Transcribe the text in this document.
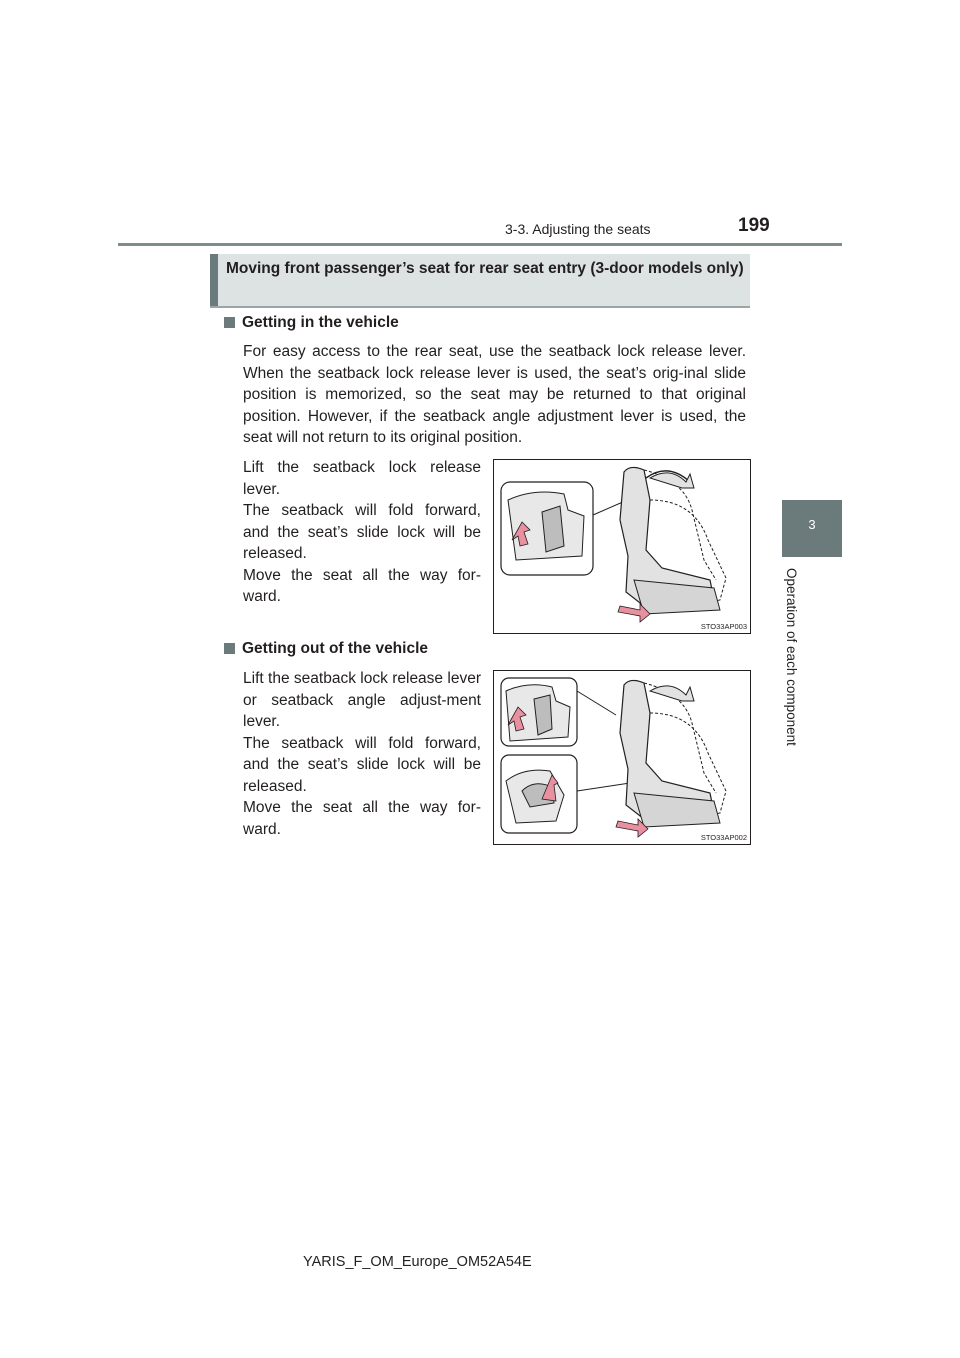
3-3. Adjusting the seats	199
3
Operation of each component
Moving front passenger’s seat for rear seat entry (3-door models only)
Getting in the vehicle
For easy access to the rear seat, use the seatback lock release lever. When the seatback lock release lever is used, the seat’s orig-inal slide position is memorized, so the seat may be returned to that original position. However, if the seatback angle adjustment lever is used, the seat will not return to its original position.

Lift the seatback lock release lever.

The seatback will fold forward, and the seat’s slide lock will be released.

Move the seat all the way for-ward.

STO33AP003
Getting out of the vehicle

Lift the seatback lock release lever or seatback angle adjust-ment lever.

The seatback will fold forward, and the seat’s slide lock will be released.

Move the seat all the way for-ward.	STO33AP002
YARIS_F_OM_Europe_OM52A54E
